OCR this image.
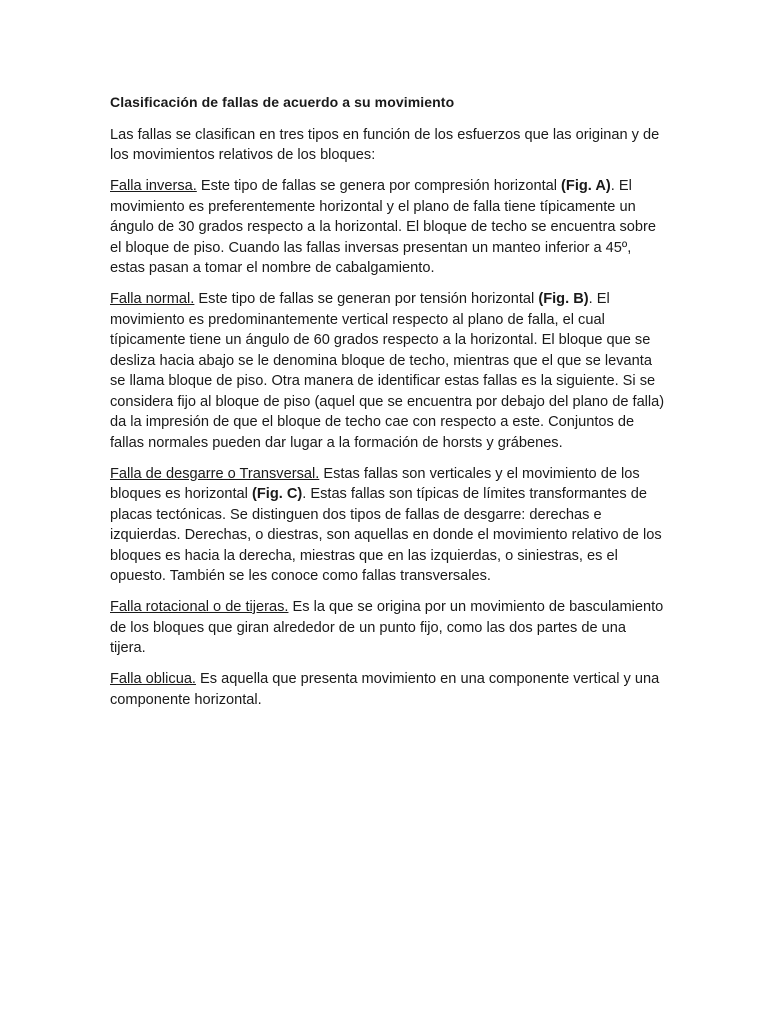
Clasificación de fallas de acuerdo a su movimiento

Las fallas se clasifican en tres tipos en función de los esfuerzos que las originan y de los movimientos relativos de los bloques:

Falla inversa. Este tipo de fallas se genera por compresión horizontal (Fig. A). El movimiento es preferentemente horizontal y el plano de falla tiene típicamente un ángulo de 30 grados respecto a la horizontal. El bloque de techo se encuentra sobre el bloque de piso. Cuando las fallas inversas presentan un manteo inferior a 45º, estas pasan a tomar el nombre de cabalgamiento.

Falla normal. Este tipo de fallas se generan por tensión horizontal (Fig. B). El movimiento es predominantemente vertical respecto al plano de falla, el cual típicamente tiene un ángulo de 60 grados respecto a la horizontal. El bloque que se desliza hacia abajo se le denomina bloque de techo, mientras que el que se levanta se llama bloque de piso. Otra manera de identificar estas fallas es la siguiente. Si se considera fijo al bloque de piso (aquel que se encuentra por debajo del plano de falla) da la impresión de que el bloque de techo cae con respecto a este. Conjuntos de fallas normales pueden dar lugar a la formación de horsts y grábenes.

Falla de desgarre o Transversal. Estas fallas son verticales y el movimiento de los bloques es horizontal (Fig. C). Estas fallas son típicas de límites transformantes de placas tectónicas. Se distinguen dos tipos de fallas de desgarre: derechas e izquierdas. Derechas, o diestras, son aquellas en donde el movimiento relativo de los bloques es hacia la derecha, miestras que en las izquierdas, o siniestras, es el opuesto. También se les conoce como fallas transversales.

Falla rotacional o de tijeras. Es la que se origina por un movimiento de basculamiento de los bloques que giran alrededor de un punto fijo, como las dos partes de una tijera.

Falla oblicua. Es aquella que presenta movimiento en una componente vertical y una componente horizontal.
